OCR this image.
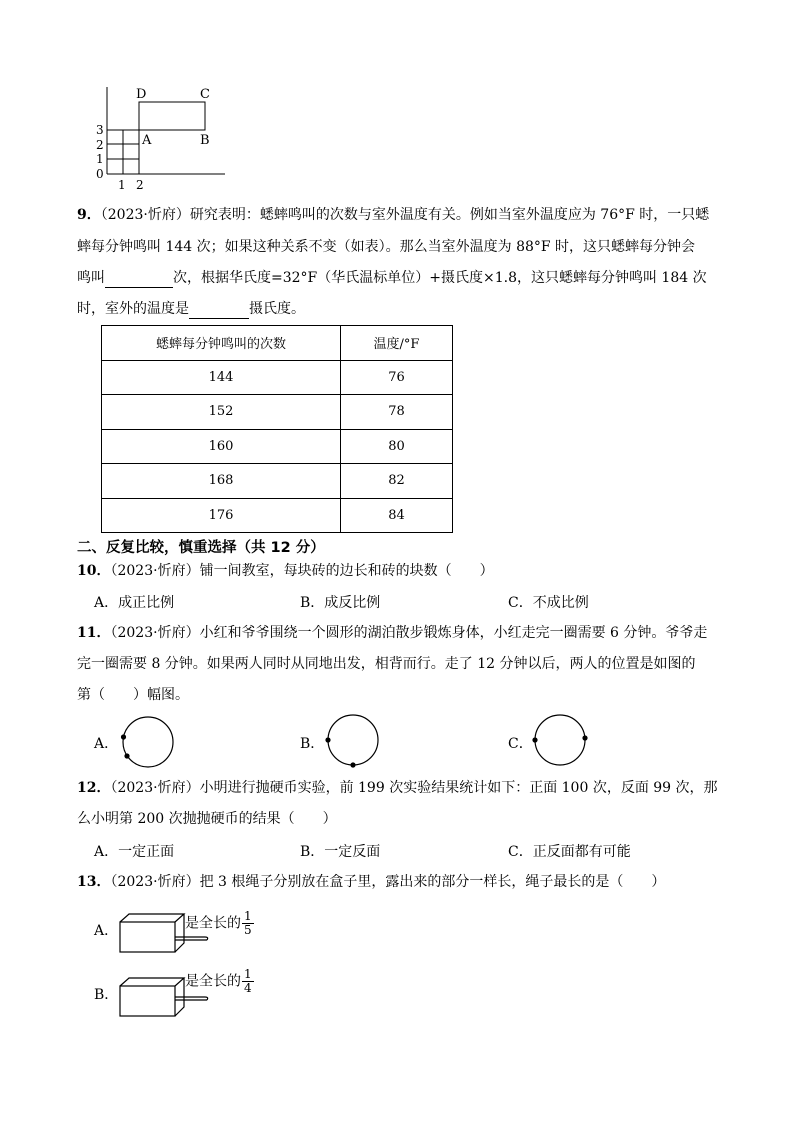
3
2
1
0
1 2
D	C
A	B
9．（2023·忻府）研究表明：蟋蟀鸣叫的次数与室外温度有关。例如当室外温度应为 76°F 时，一只蟋
蟀每分钟鸣叫 144 次；如果这种关系不变（如表）。那么当室外温度为 88°F 时，这只蟋蟀每分钟会
鸣叫	次，根据华氏度=32°F（华氏温标单位）+摄氏度×1.8，这只蟋蟀每分钟鸣叫 184 次
时，室外的温度是	摄氏度。
蟋蟀每分钟鸣叫的次数	温度/°F
144	76
152	78
160	80
168	82
176	84
二、反复比较，慎重选择（共 12 分）
10．（2023·忻府）铺一间教室，每块砖的边长和砖的块数（　　）
A．成正比例	B．成反比例	C．不成比例
11．（2023·忻府）小红和爷爷围绕一个圆形的湖泊散步锻炼身体，小红走完一圈需要 6 分钟。爷爷走
完一圈需要 8 分钟。如果两人同时从同地出发，相背而行。走了 12 分钟以后，两人的位置是如图的
第（　　）幅图。
A．	B．	C．
12．（2023·忻府）小明进行抛硬币实验，前 199 次实验结果统计如下：正面 100 次，反面 99 次，那
么小明第 200 次抛抛硬币的结果（　　）
A．一定正面	B．一定反面	C．正反面都有可能
13．（2023·忻府）把 3 根绳子分别放在盒子里，露出来的部分一样长，绳子最长的是（　　）
A．	是全长的 $\frac{1}{5}$
B．
是全长的 $\frac{1}{4}$
